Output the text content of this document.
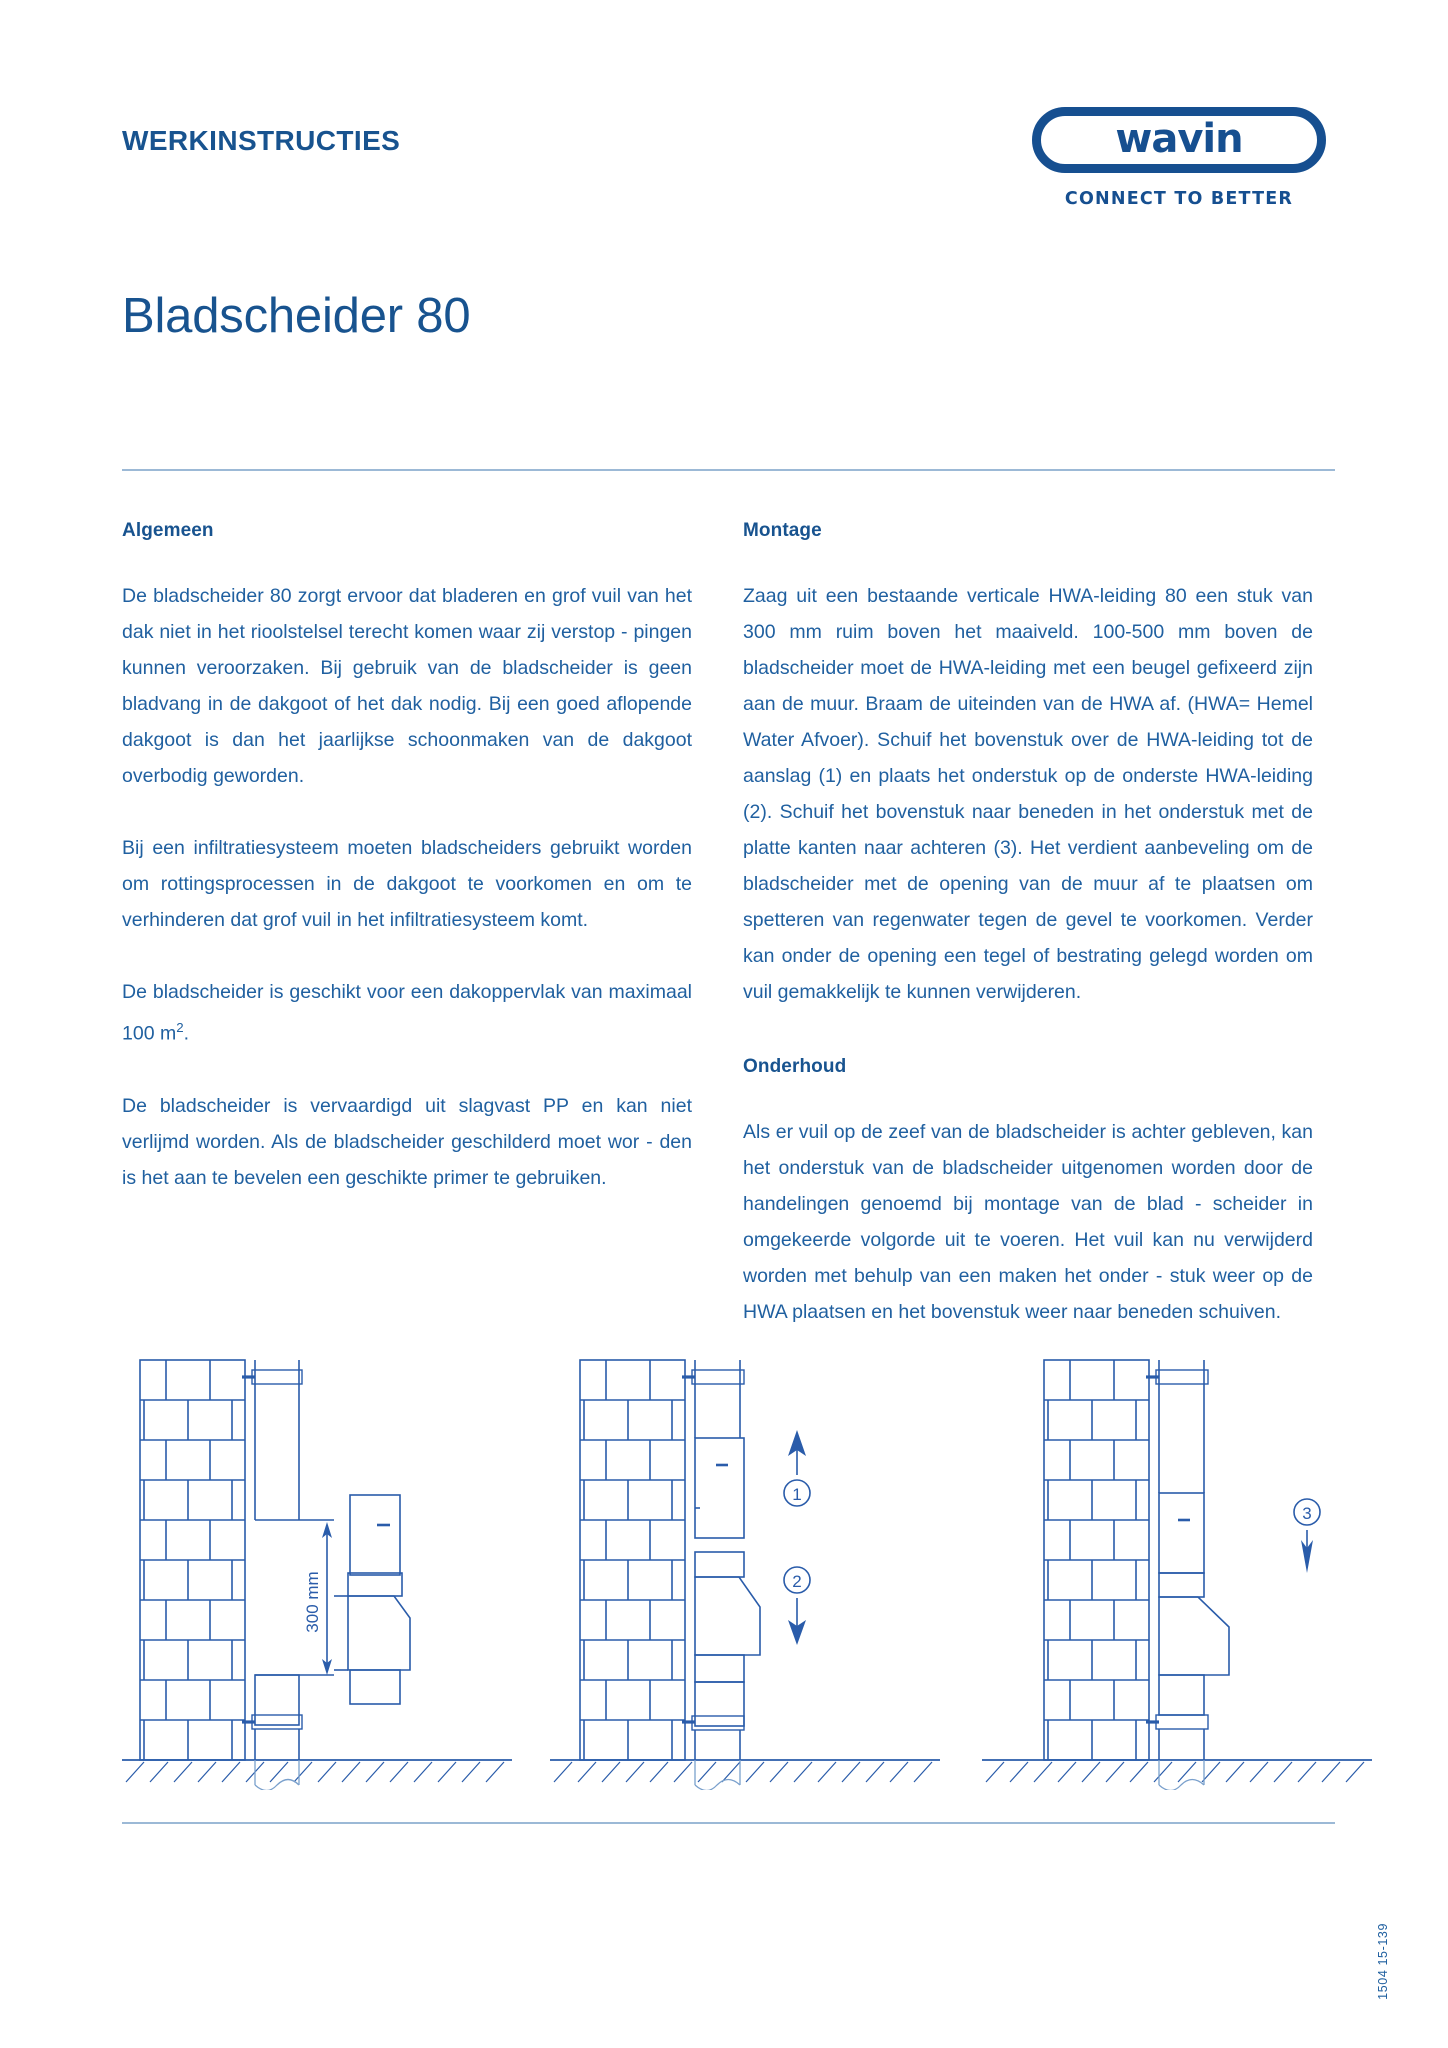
WERKINSTRUCTIES	wavin
CONNECT TO BETTER
Bladscheider 80
Algemeen

De bladscheider 80 zorgt ervoor dat bladeren en grof vuil van het dak niet in het rioolstelsel terecht komen waar zij verstop - pingen kunnen veroorzaken. Bij gebruik van de bladscheider is geen bladvang in de dakgoot of het dak nodig. Bij een goed aflopende dakgoot is dan het jaarlijkse schoonmaken van de dakgoot overbodig geworden.

Bij een infiltratiesysteem moeten bladscheiders gebruikt worden om rottingsprocessen in de dakgoot te voorkomen en om te verhinderen dat grof vuil in het infiltratiesysteem komt.

De bladscheider is geschikt voor een dakoppervlak van maximaal 100 $m^2$.

De bladscheider is vervaardigd uit slagvast PP en kan niet verlijmd worden. Als de bladscheider geschilderd moet wor - den is het aan te bevelen een geschikte primer te gebruiken.

Montage

Zaag uit een bestaande verticale HWA-leiding 80 een stuk van 300 mm ruim boven het maaiveld. 100-500 mm boven de bladscheider moet de HWA-leiding met een beugel gefixeerd zijn aan de muur. Braam de uiteinden van de HWA af. (HWA= Hemel Water Afvoer). Schuif het bovenstuk over de HWA-leiding tot de aanslag (1) en plaats het onderstuk op de onderste HWA-leiding (2). Schuif het bovenstuk naar beneden in het onderstuk met de platte kanten naar achteren (3). Het verdient aanbeveling om de bladscheider met de opening van de muur af te plaatsen om spetteren van regenwater tegen de gevel te voorkomen. Verder kan onder de opening een tegel of bestrating gelegd worden om vuil gemakkelijk te kunnen verwijderen.

Onderhoud

Als er vuil op de zeef van de bladscheider is achter gebleven, kan het onderstuk van de bladscheider uitgenomen worden door de handelingen genoemd bij montage van de blad - scheider in omgekeerde volgorde uit te voeren. Het vuil kan nu verwijderd worden met behulp van een maken het onder - stuk weer op de HWA plaatsen en het bovenstuk weer naar beneden schuiven.

300 mm
1
2
3
1504 15-139
